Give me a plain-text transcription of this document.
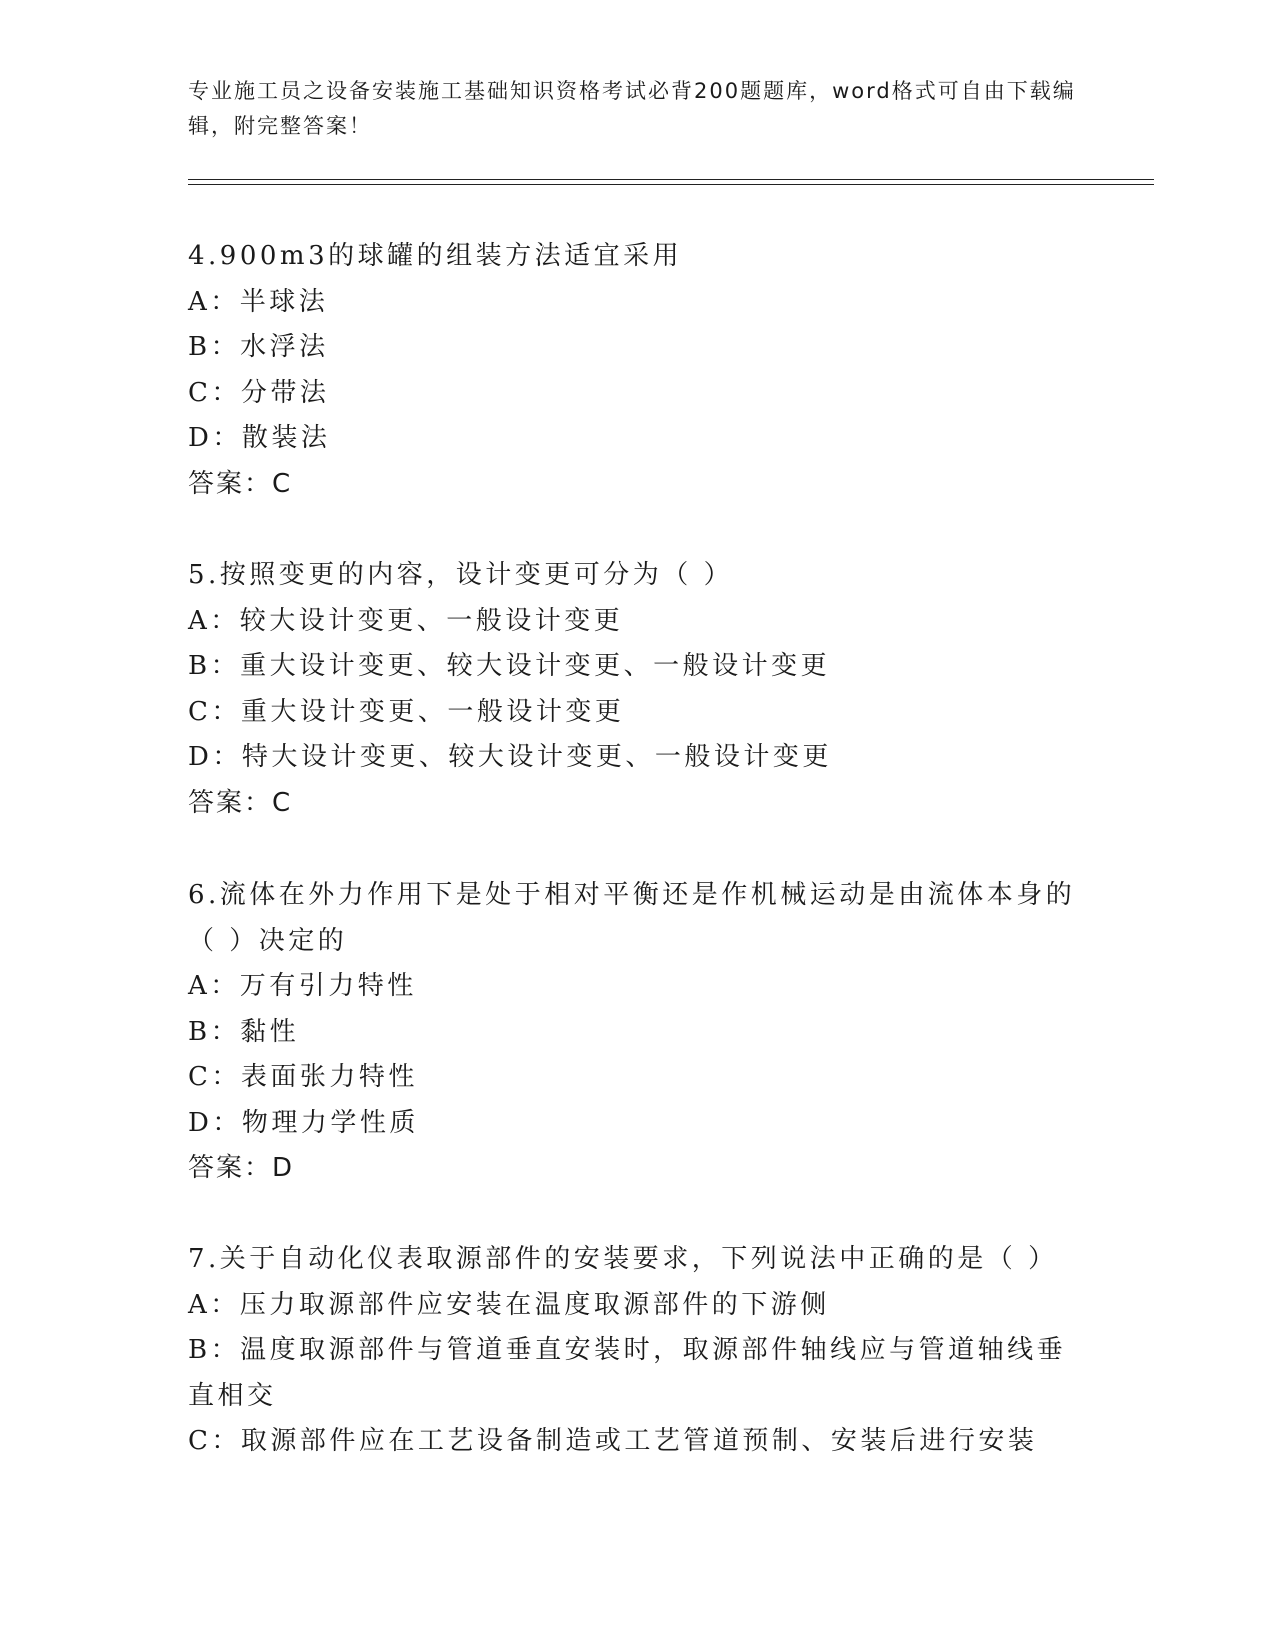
专业施工员之设备安装施工基础知识资格考试必背200题题库，word格式可自由下载编辑，附完整答案！
4.900m3的球罐的组装方法适宜采用
A：半球法
B：水浮法
C：分带法
D：散装法
答案：C
5.按照变更的内容，设计变更可分为（ ）
A：较大设计变更、一般设计变更
B：重大设计变更、较大设计变更、一般设计变更
C：重大设计变更、一般设计变更
D：特大设计变更、较大设计变更、一般设计变更
答案：C
6.流体在外力作用下是处于相对平衡还是作机械运动是由流体本身的（ ）决定的
A：万有引力特性
B：黏性
C：表面张力特性
D：物理力学性质
答案：D
7.关于自动化仪表取源部件的安装要求，下列说法中正确的是（ ）
A：压力取源部件应安装在温度取源部件的下游侧
B：温度取源部件与管道垂直安装时，取源部件轴线应与管道轴线垂直相交
C：取源部件应在工艺设备制造或工艺管道预制、安装后进行安装
